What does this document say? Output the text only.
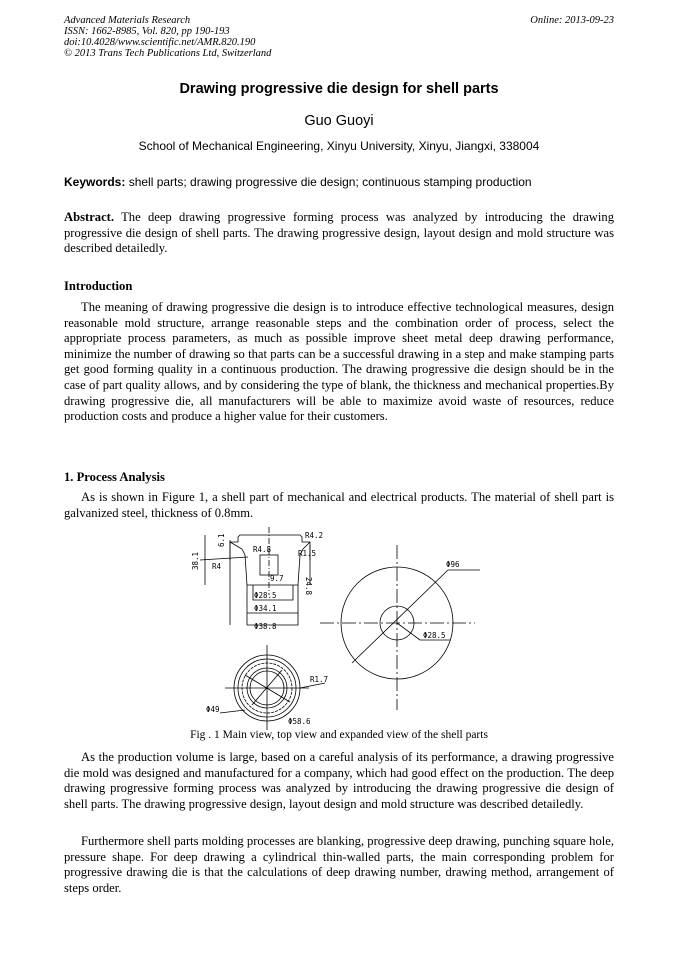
Advanced Materials Research
ISSN: 1662-8985, Vol. 820, pp 190-193
doi:10.4028/www.scientific.net/AMR.820.190
© 2013 Trans Tech Publications Ltd, Switzerland
Online: 2013-09-23
Drawing progressive die design for shell parts
Guo Guoyi
School of Mechanical Engineering, Xinyu University, Xinyu, Jiangxi, 338004
Keywords: shell parts; drawing progressive die design; continuous stamping production
Abstract. The deep drawing progressive forming process was analyzed by introducing the drawing progressive die design of shell parts. The drawing progressive design, layout design and mold structure was described detailedly.
Introduction
The meaning of drawing progressive die design is to introduce effective technological measures, design reasonable mold structure, arrange reasonable steps and the combination order of process, select the appropriate process parameters, as much as possible improve sheet metal deep drawing performance, minimize the number of drawing so that parts can be a successful drawing in a step and make stamping parts get good forming quality in a continuous production. The drawing progressive die design should be in the case of part quality allows, and by considering the type of blank, the thickness and mechanical properties.By drawing progressive die, all manufacturers will be able to maximize avoid waste of resources, reduce production costs and produce a higher value for their customers.
1. Process Analysis
As is shown in Figure 1, a shell part of mechanical and electrical products. The material of shell part is galvanized steel, thickness of 0.8mm.
R4
38.1
6.1
R4.8
R4.2
R1.5
9.7	24.8
Φ28.5
Φ34.1
Φ38.8
R1.7
Φ49
Φ58.6
Φ96
Φ28.5
Fig . 1 Main view, top view and expanded view of the shell parts
As the production volume is large, based on a careful analysis of its performance, a drawing progressive die mold was designed and manufactured for a company, which had good effect on the production. The deep drawing progressive forming process was analyzed by introducing the drawing progressive die design of shell parts. The drawing progressive design, layout design and mold structure was described detailedly.
Furthermore shell parts molding processes are blanking, progressive deep drawing, punching square hole, pressure shape. For deep drawing a cylindrical thin-walled parts, the main corresponding problem for progressive drawing die is that the calculations of deep drawing number, drawing method, arrangement of steps order.
